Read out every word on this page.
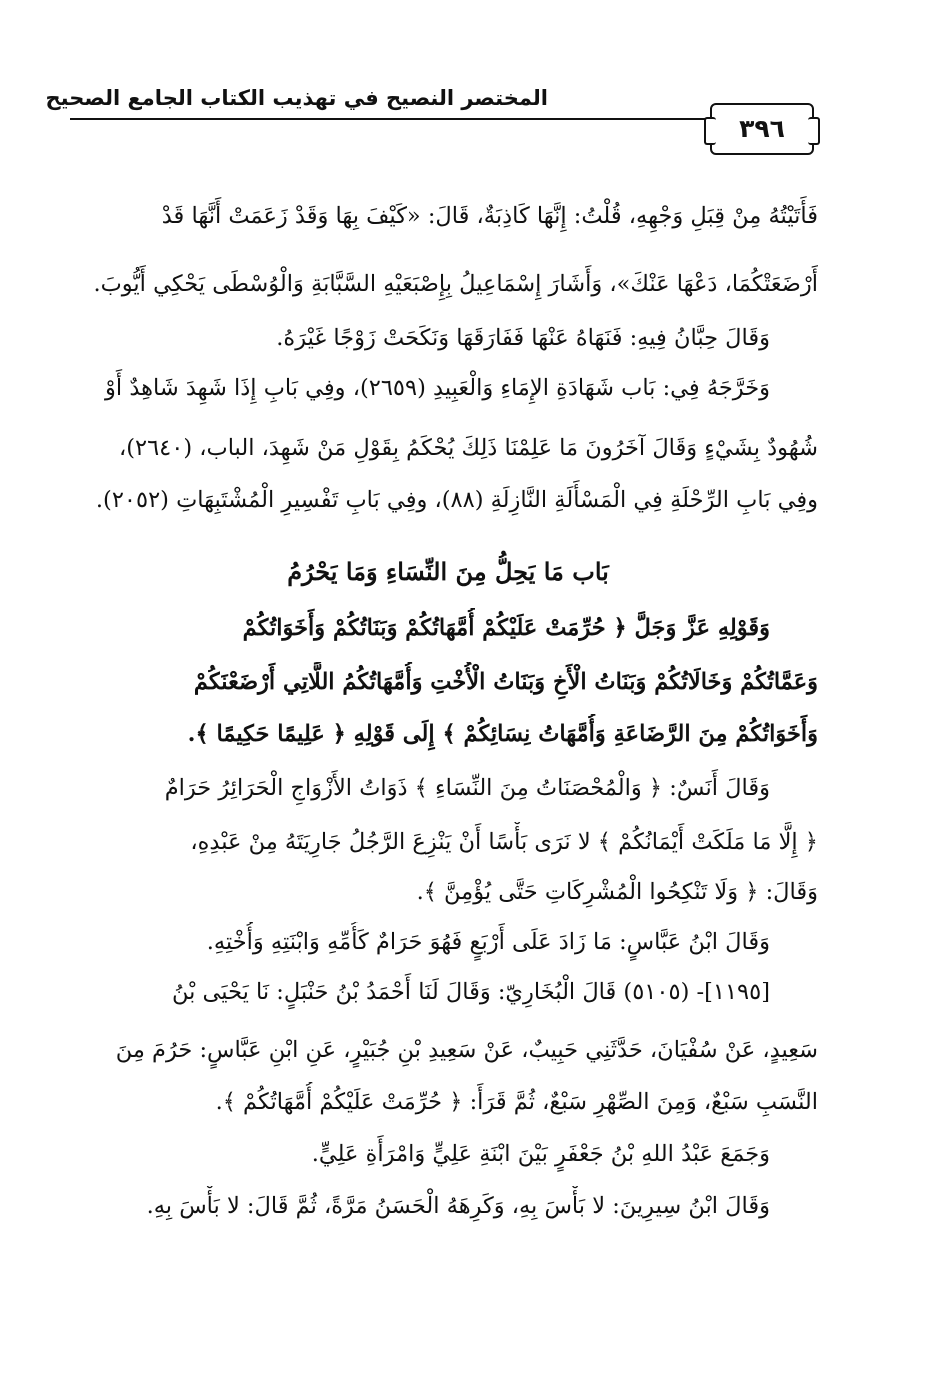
المختصر النصيح في تهذيب الكتاب الجامع الصحيح
٣٩٦
فَأَتَيْتُهُ مِنْ قِبَلِ وَجْهِهِ، قُلْتُ: إِنَّهَا كَاذِبَةٌ، قَالَ: «كَيْفَ بِهَا وَقَدْ زَعَمَتْ أَنَّهَا قَدْ
أَرْضَعَتْكُمَا، دَعْهَا عَنْكَ»، وَأَشَارَ إِسْمَاعِيلُ بِإِصْبَعَيْهِ السَّبَّابَةِ وَالْوُسْطَى يَحْكِي أَيُّوبَ.
وَقَالَ حِبَّانُ فِيهِ: فَنَهَاهُ عَنْهَا فَفَارَقَهَا وَنَكَحَتْ زَوْجًا غَيْرَهُ.
وَخَرَّجَهُ فِي: بَاب شَهَادَةِ الإِمَاءِ وَالْعَبِيدِ (٢٦٥٩)، وفِي بَابِ إِذَا شَهِدَ شَاهِدٌ أَوْ
شُهُودٌ بِشَيْءٍ وَقَالَ آخَرُونَ مَا عَلِمْنَا ذَلِكَ يُحْكَمُ بِقَوْلِ مَنْ شَهِدَ، الباب، (٢٦٤٠)،
وفِي بَابِ الرِّحْلَةِ فِي الْمَسْأَلَةِ النَّازِلَةِ (٨٨)، وفِي بَابِ تَفْسِيرِ الْمُشْتَبِهَاتِ (٢٠٥٢).
بَاب مَا يَحِلُّ مِنَ النِّسَاءِ وَمَا يَحْرُمُ
وَقَوْلِهِ عَزَّ وَجَلَّ ﴿ حُرِّمَتْ عَلَيْكُمْ أُمَّهَاتُكُمْ وَبَنَاتُكُمْ وَأَخَوَاتُكُمْ
وَعَمَّاتُكُمْ وَخَالَاتُكُمْ وَبَنَاتُ الْأَخِ وَبَنَاتُ الْأُخْتِ وَأُمَّهَاتُكُمُ اللَّاتِي أَرْضَعْنَكُمْ
وَأَخَوَاتُكُمْ مِنَ الرَّضَاعَةِ وَأُمَّهَاتُ نِسَائِكُمْ ﴾ إِلَى قَوْلِهِ ﴿ عَلِيمًا حَكِيمًا ﴾.
وَقَالَ أَنَسٌ: ﴿ وَالْمُحْصَنَاتُ مِنَ النِّسَاءِ ﴾ ذَوَاتُ الأَزْوَاجِ الْحَرَائِرُ حَرَامٌ
﴿ إِلَّا مَا مَلَكَتْ أَيْمَانُكُمْ ﴾ لا نَرَى بَأْسًا أَنْ يَنْزِعَ الرَّجُلُ جَارِيَتَهُ مِنْ عَبْدِهِ،
وَقَالَ: ﴿ وَلَا تَنْكِحُوا الْمُشْرِكَاتِ حَتَّى يُؤْمِنَّ ﴾.
وَقَالَ ابْنُ عَبَّاسٍ: مَا زَادَ عَلَى أَرْبَعٍ فَهُوَ حَرَامٌ كَأُمِّهِ وَابْنَتِهِ وَأُخْتِهِ.
[١١٩٥]- (٥١٠٥) قَالَ الْبُخَارِيّ: وَقَالَ لَنَا أَحْمَدُ بْنُ حَنْبَلٍ: نَا يَحْيَى بْنُ
سَعِيدٍ، عَنْ سُفْيَانَ، حَدَّثَنِي حَبِيبٌ، عَنْ سَعِيدِ بْنِ جُبَيْرٍ، عَنِ ابْنِ عَبَّاسٍ: حَرُمَ مِنَ
النَّسَبِ سَبْعٌ، وَمِنَ الصِّهْرِ سَبْعٌ، ثُمَّ قَرَأَ: ﴿ حُرِّمَتْ عَلَيْكُمْ أُمَّهَاتُكُمْ ﴾.
وَجَمَعَ عَبْدُ اللهِ بْنُ جَعْفَرٍ بَيْنَ ابْنَةِ عَلِيٍّ وَامْرَأَةِ عَلِيٍّ.
وَقَالَ ابْنُ سِيرِينَ: لا بَأْسَ بِهِ، وَكَرِهَهُ الْحَسَنُ مَرَّةً، ثُمَّ قَالَ: لا بَأْسَ بِهِ.
